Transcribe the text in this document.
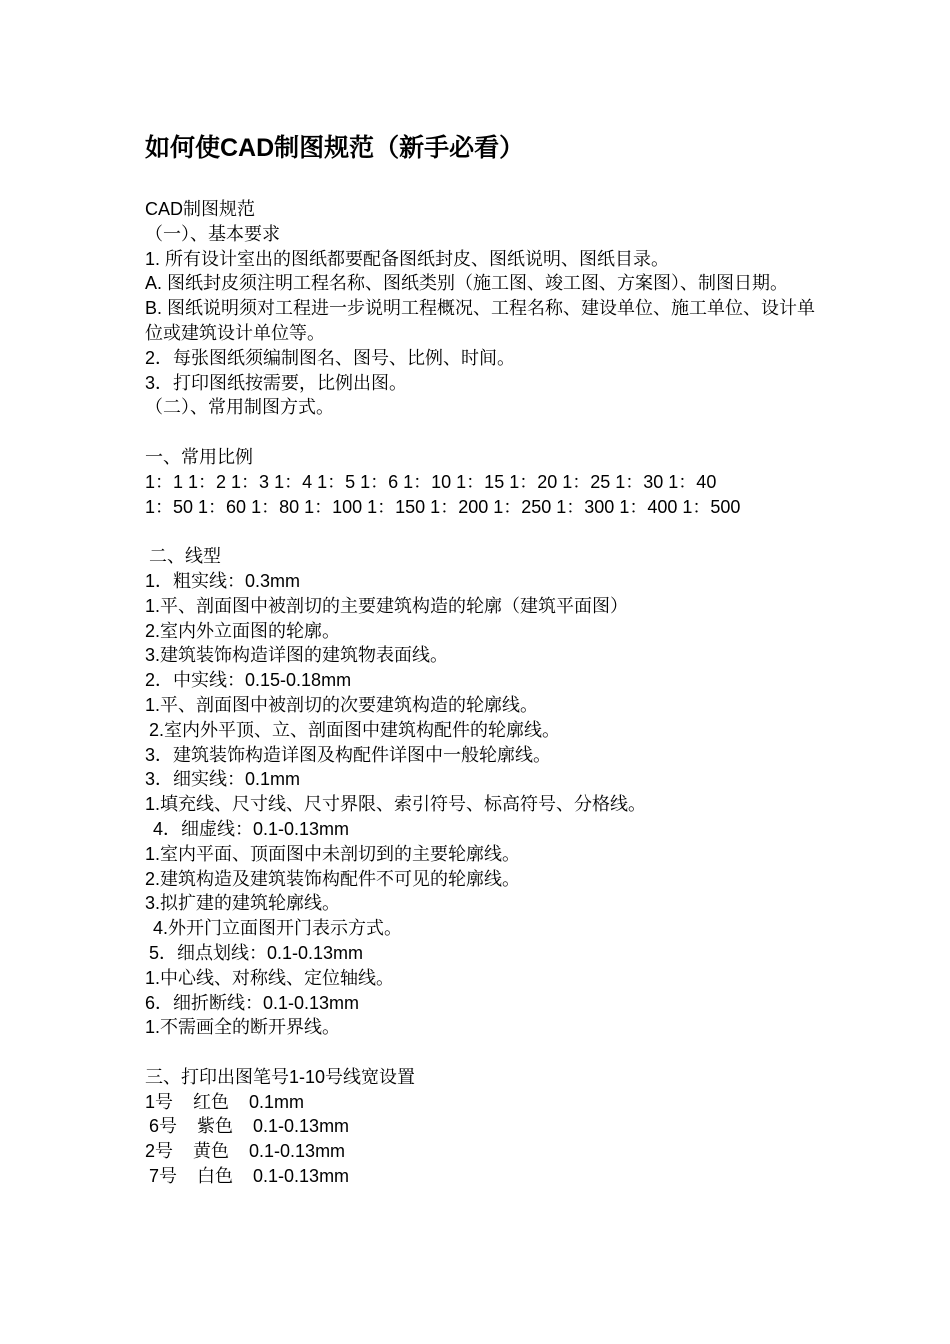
如何使CAD制图规范（新手必看）
CAD制图规范
（一）、基本要求
1. 所有设计室出的图纸都要配备图纸封皮、图纸说明、图纸目录。
A. 图纸封皮须注明工程名称、图纸类别（施工图、竣工图、方案图）、制图日期。
B. 图纸说明须对工程进一步说明工程概况、工程名称、建设单位、施工单位、设计单位或建筑设计单位等。
2．每张图纸须编制图名、图号、比例、时间。
3．打印图纸按需要，比例出图。
（二）、常用制图方式。
一、常用比例
1：1 1：2 1：3 1：4 1：5 1：6 1：10 1：15 1：20 1：25 1：30 1：40
1：50 1：60 1：80 1：100 1：150 1：200 1：250 1：300 1：400 1：500
二、线型
1．粗实线：0.3mm
1.平、剖面图中被剖切的主要建筑构造的轮廓（建筑平面图）
2.室内外立面图的轮廓。
3.建筑装饰构造详图的建筑物表面线。
2．中实线：0.15-0.18mm
1.平、剖面图中被剖切的次要建筑构造的轮廓线。
2.室内外平顶、立、剖面图中建筑构配件的轮廓线。
3．建筑装饰构造详图及构配件详图中一般轮廓线。
3．细实线：0.1mm
1.填充线、尺寸线、尺寸界限、索引符号、标高符号、分格线。
4．细虚线：0.1-0.13mm
1.室内平面、顶面图中未剖切到的主要轮廓线。
2.建筑构造及建筑装饰构配件不可见的轮廓线。
3.拟扩建的建筑轮廓线。
4.外开门立面图开门表示方式。
5．细点划线：0.1-0.13mm
1.中心线、对称线、定位轴线。
6．细折断线：0.1-0.13mm
1.不需画全的断开界线。
三、打印出图笔号1-10号线宽设置
1号    红色    0.1mm
6号    紫色    0.1-0.13mm
2号    黄色    0.1-0.13mm
7号    白色    0.1-0.13mm
